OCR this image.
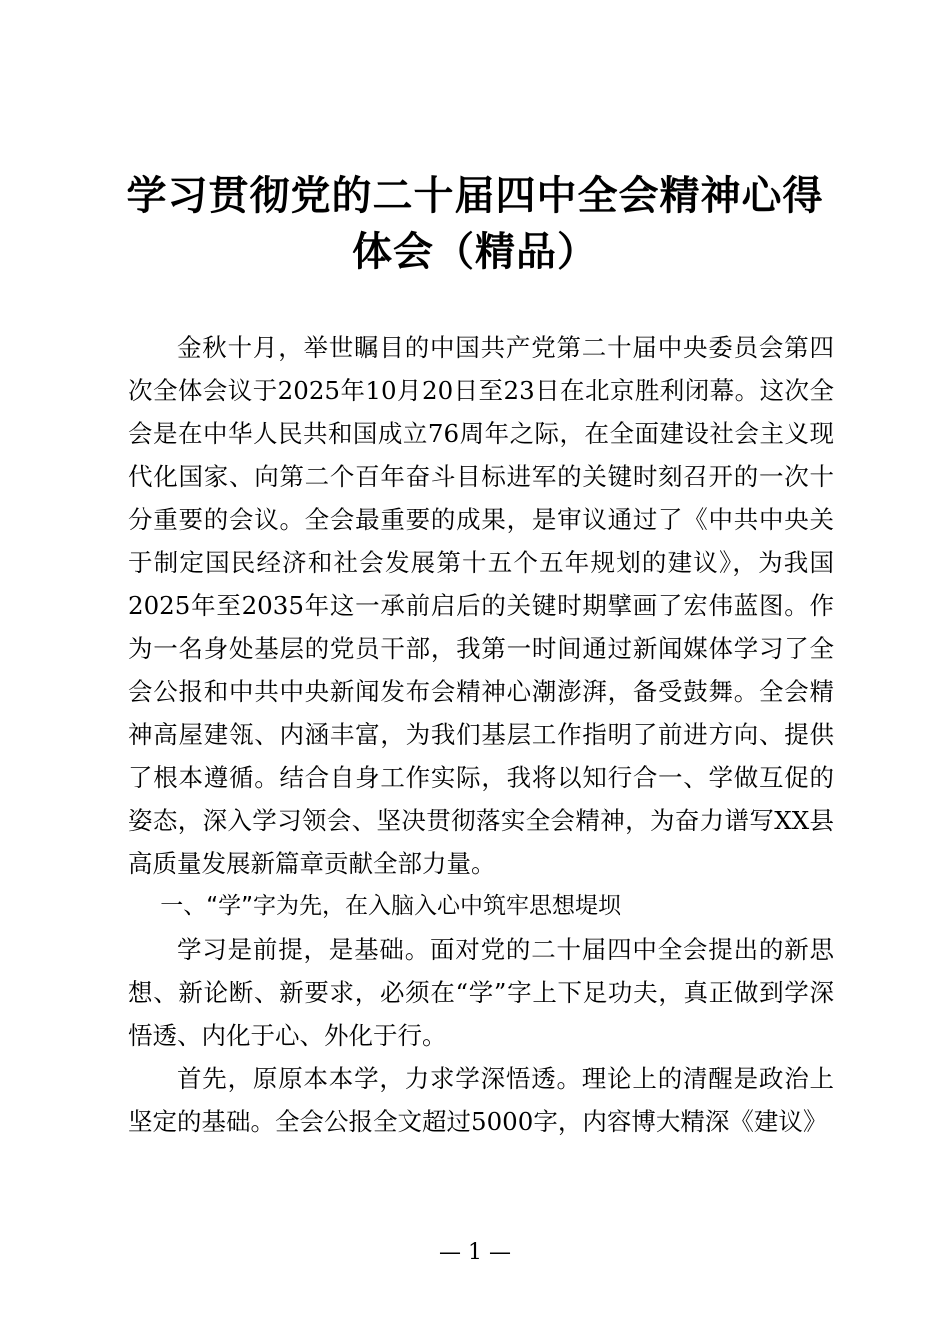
学习贯彻党的二十届四中全会精神心得
体会（精品）

金秋十月，举世瞩目的中国共产党第二十届中央委员会第四次全体会议于2025年10月20日至23日在北京胜利闭幕。这次全会是在中华人民共和国成立76周年之际，在全面建设社会主义现代化国家、向第二个百年奋斗目标进军的关键时刻召开的一次十分重要的会议。全会最重要的成果，是审议通过了《中共中央关于制定国民经济和社会发展第十五个五年规划的建议》，为我国2025年至2035年这一承前启后的关键时期擘画了宏伟蓝图。作为一名身处基层的党员干部，我第一时间通过新闻媒体学习了全会公报和中共中央新闻发布会精神心潮澎湃，备受鼓舞。全会精神高屋建瓴、内涵丰富，为我们基层工作指明了前进方向、提供了根本遵循。结合自身工作实际，我将以知行合一、学做互促的姿态，深入学习领会、坚决贯彻落实全会精神，为奋力谱写XX县高质量发展新篇章贡献全部力量。

一、“学”字为先，在入脑入心中筑牢思想堤坝

学习是前提，是基础。面对党的二十届四中全会提出的新思想、新论断、新要求，必须在“学”字上下足功夫，真正做到学深悟透、内化于心、外化于行。

首先，原原本本学，力求学深悟透。理论上的清醒是政治上坚定的基础。全会公报全文超过5000字，内容博大精深《建议》

— 1 —
